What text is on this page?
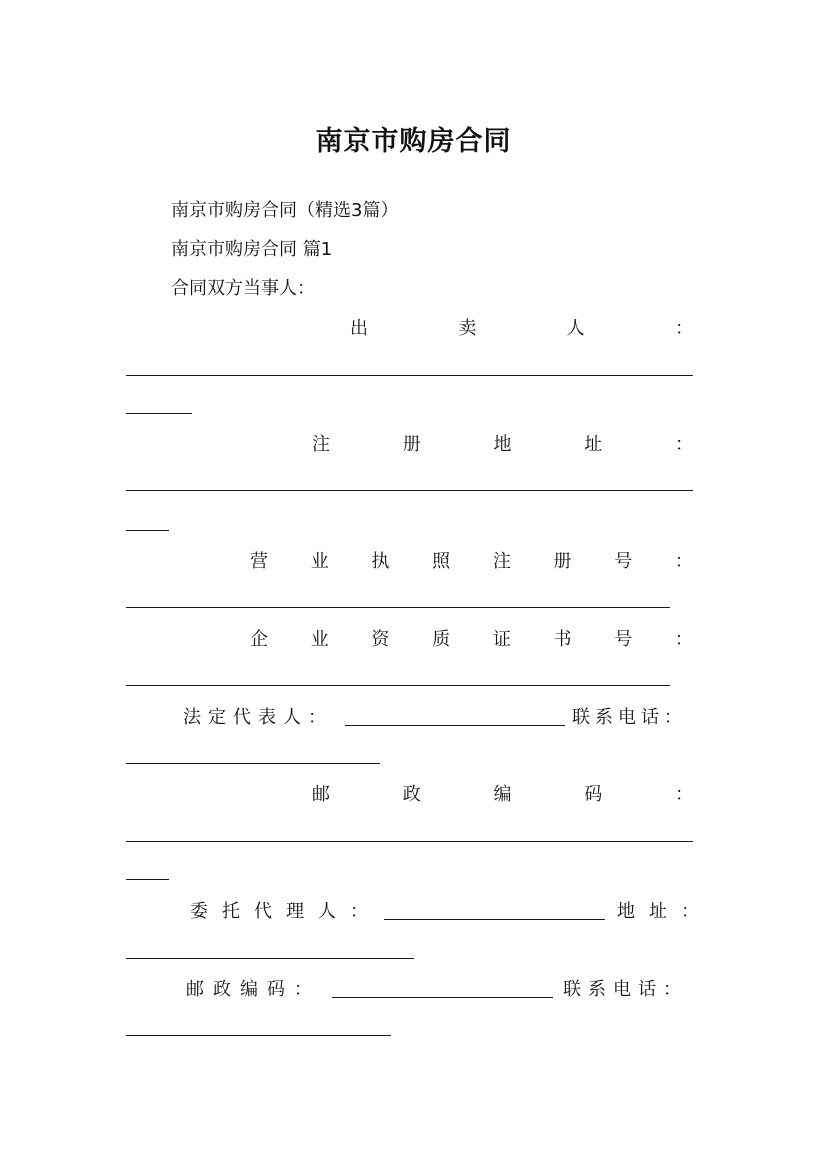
南京市购房合同

南京市购房合同（精选3篇）

南京市购房合同 篇1

合同双方当事人：

出	卖	人	：
注	册	地	址	：
营 业 执 照 注 册 号 ：
企 业 资 质 证 书 号 ：
法定代表人：	联系电话：
邮	政	编	码	：
委托代理人：	地址：
邮政编码：	联系电话：
